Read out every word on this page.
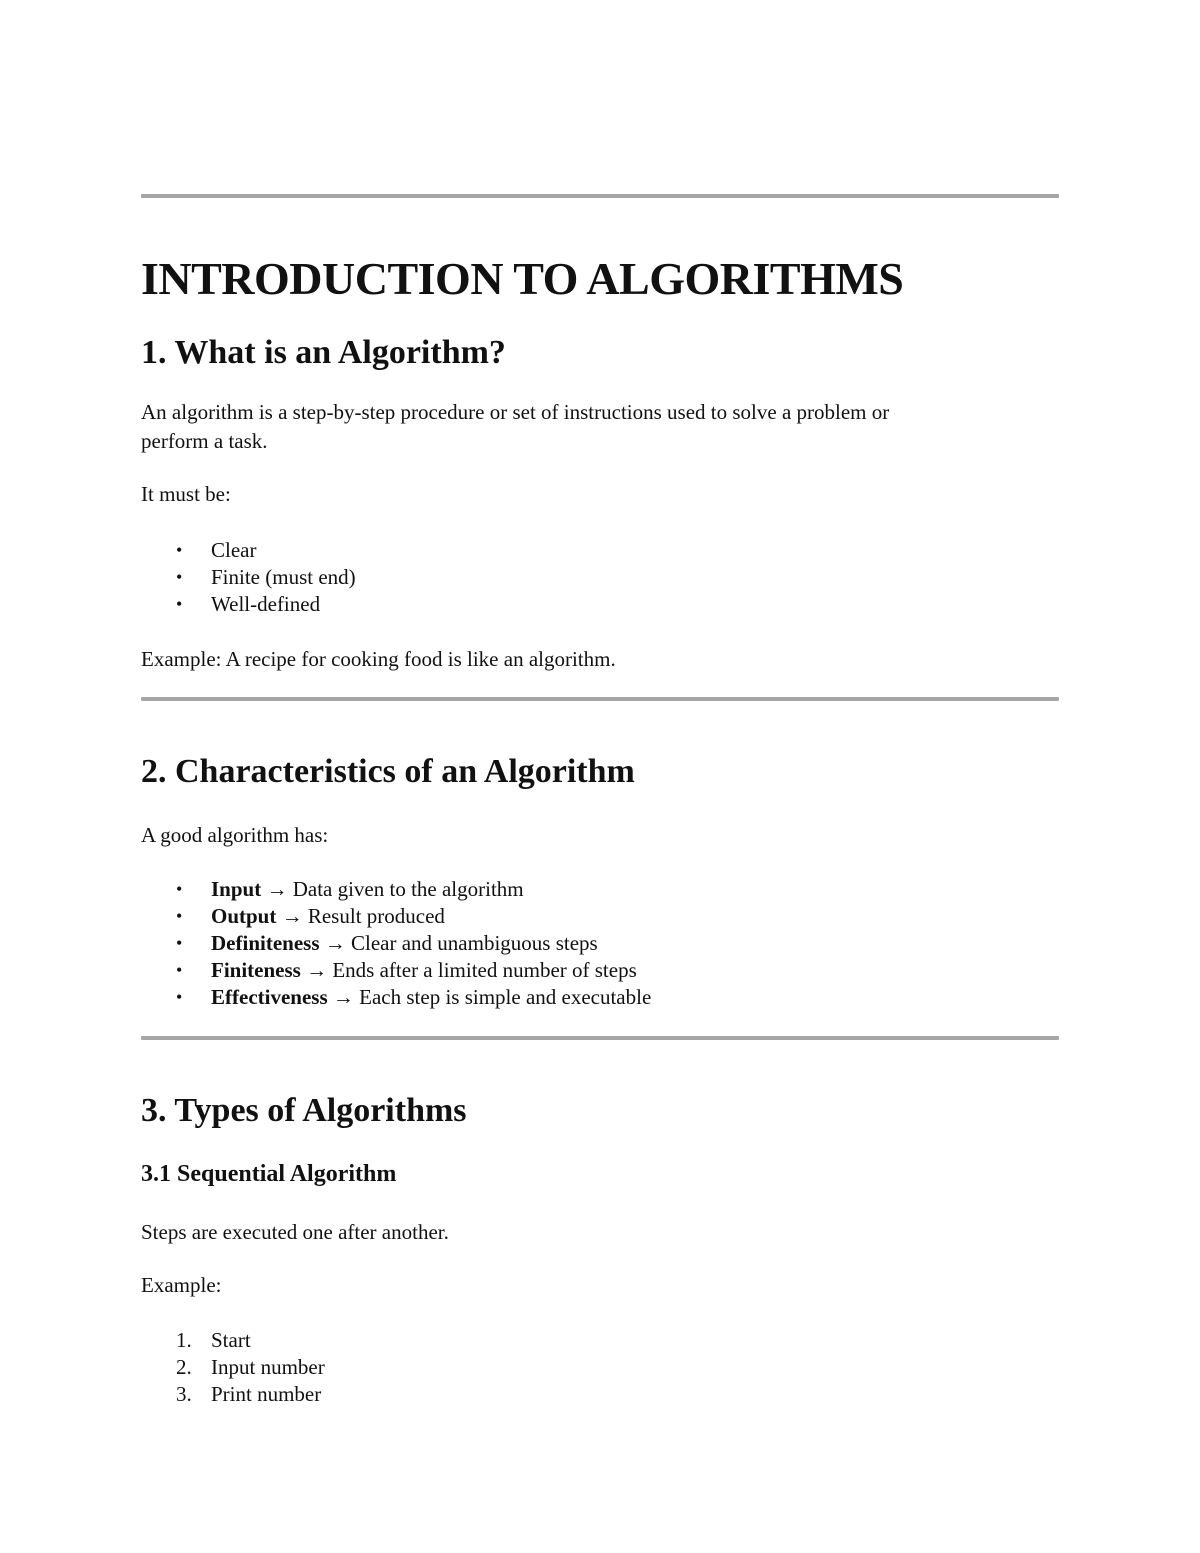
INTRODUCTION TO ALGORITHMS
1. What is an Algorithm?

An algorithm is a step-by-step procedure or set of instructions used to solve a problem or

perform a task.

It must be:

• Clear
• Finite (must end)
• Well-defined

Example: A recipe for cooking food is like an algorithm.

2. Characteristics of an Algorithm

A good algorithm has:

• Input → Data given to the algorithm
• Output → Result produced
• Definiteness → Clear and unambiguous steps
• Finiteness → Ends after a limited number of steps
• Effectiveness → Each step is simple and executable
3. Types of Algorithms
3.1 Sequential Algorithm

Steps are executed one after another.

Example:

1. Start
2. Input number
3. Print number
